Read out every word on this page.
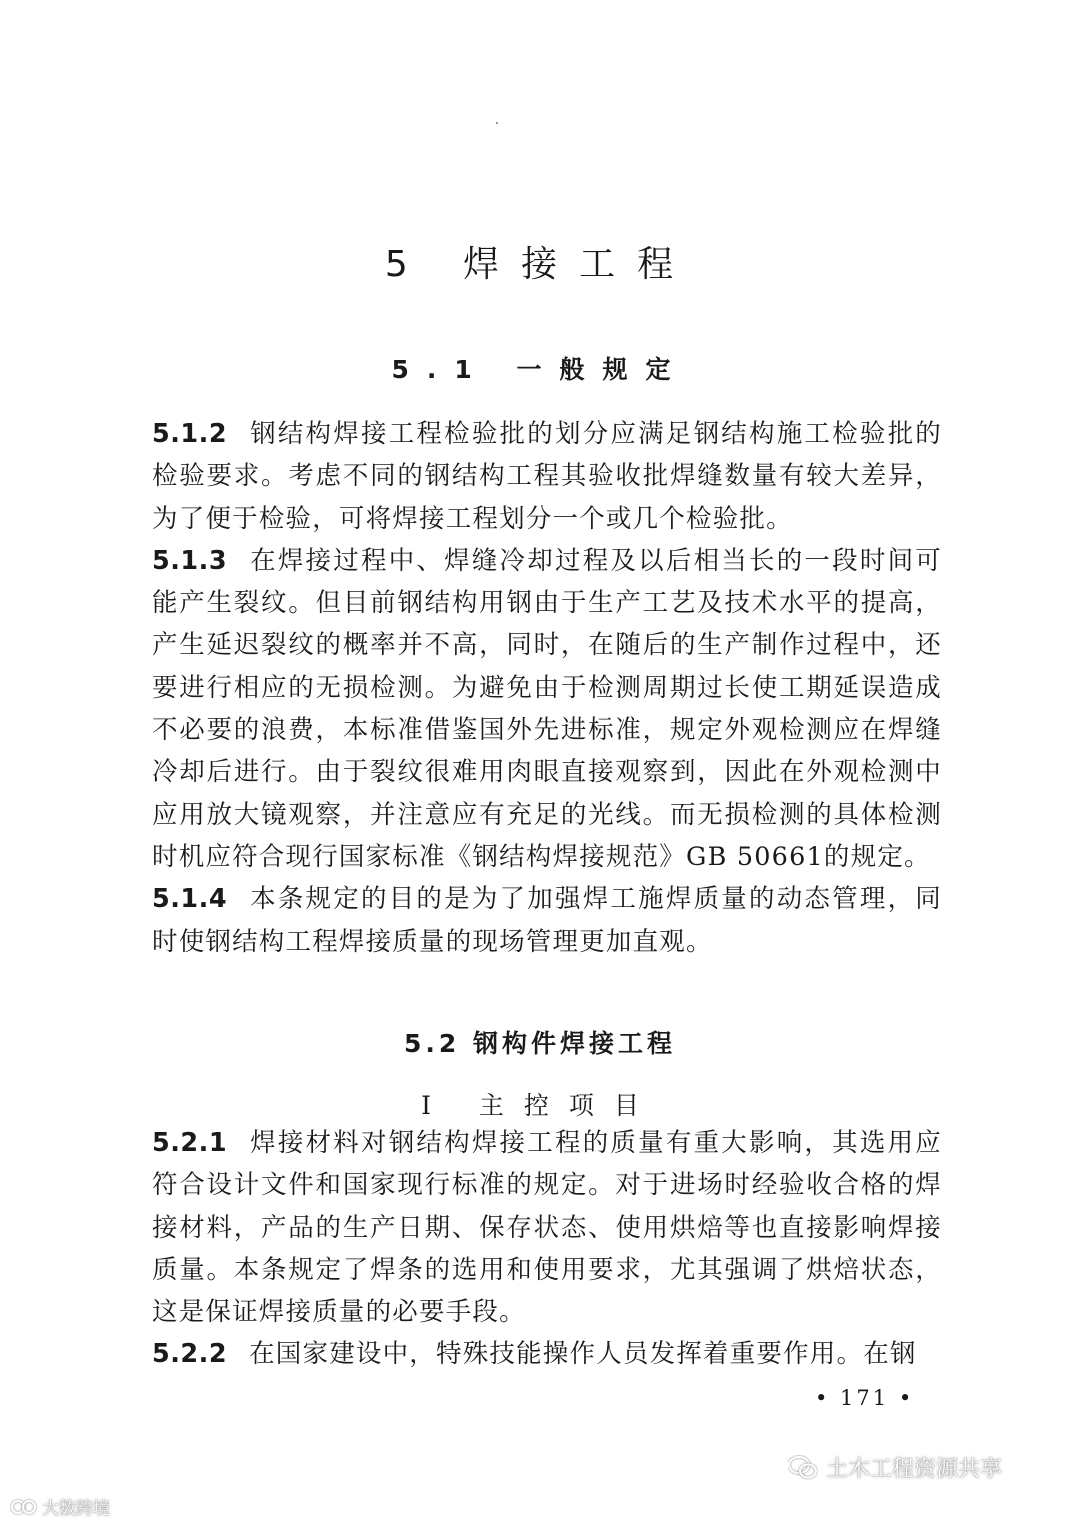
5 焊接工程
5.1 一般规定

5.1.2 钢结构焊接工程检验批的划分应满足钢结构施工检验批的检验要求。考虑不同的钢结构工程其验收批焊缝数量有较大差异，为了便于检验，可将焊接工程划分一个或几个检验批。

5.1.3 在焊接过程中、焊缝冷却过程及以后相当长的一段时间可能产生裂纹。但目前钢结构用钢由于生产工艺及技术水平的提高，产生延迟裂纹的概率并不高，同时，在随后的生产制作过程中，还要进行相应的无损检测。为避免由于检测周期过长使工期延误造成不必要的浪费，本标准借鉴国外先进标准，规定外观检测应在焊缝冷却后进行。由于裂纹很难用肉眼直接观察到，因此在外观检测中应用放大镜观察，并注意应有充足的光线。而无损检测的具体检测时机应符合现行国家标准《钢结构焊接规范》GB 50661的规定。

5.1.4 本条规定的目的是为了加强焊工施焊质量的动态管理，同时使钢结构工程焊接质量的现场管理更加直观。

5.2 钢构件焊接工程
Ⅰ 主控项目

5.2.1 焊接材料对钢结构焊接工程的质量有重大影响，其选用应符合设计文件和国家现行标准的规定。对于进场时经验收合格的焊接材料，产品的生产日期、保存状态、使用烘焙等也直接影响焊接质量。本条规定了焊条的选用和使用要求，尤其强调了烘焙状态，这是保证焊接质量的必要手段。

5.2.2 在国家建设中，特殊技能操作人员发挥着重要作用。在钢

• 171 •
土木工程资源共享
大数跨境
